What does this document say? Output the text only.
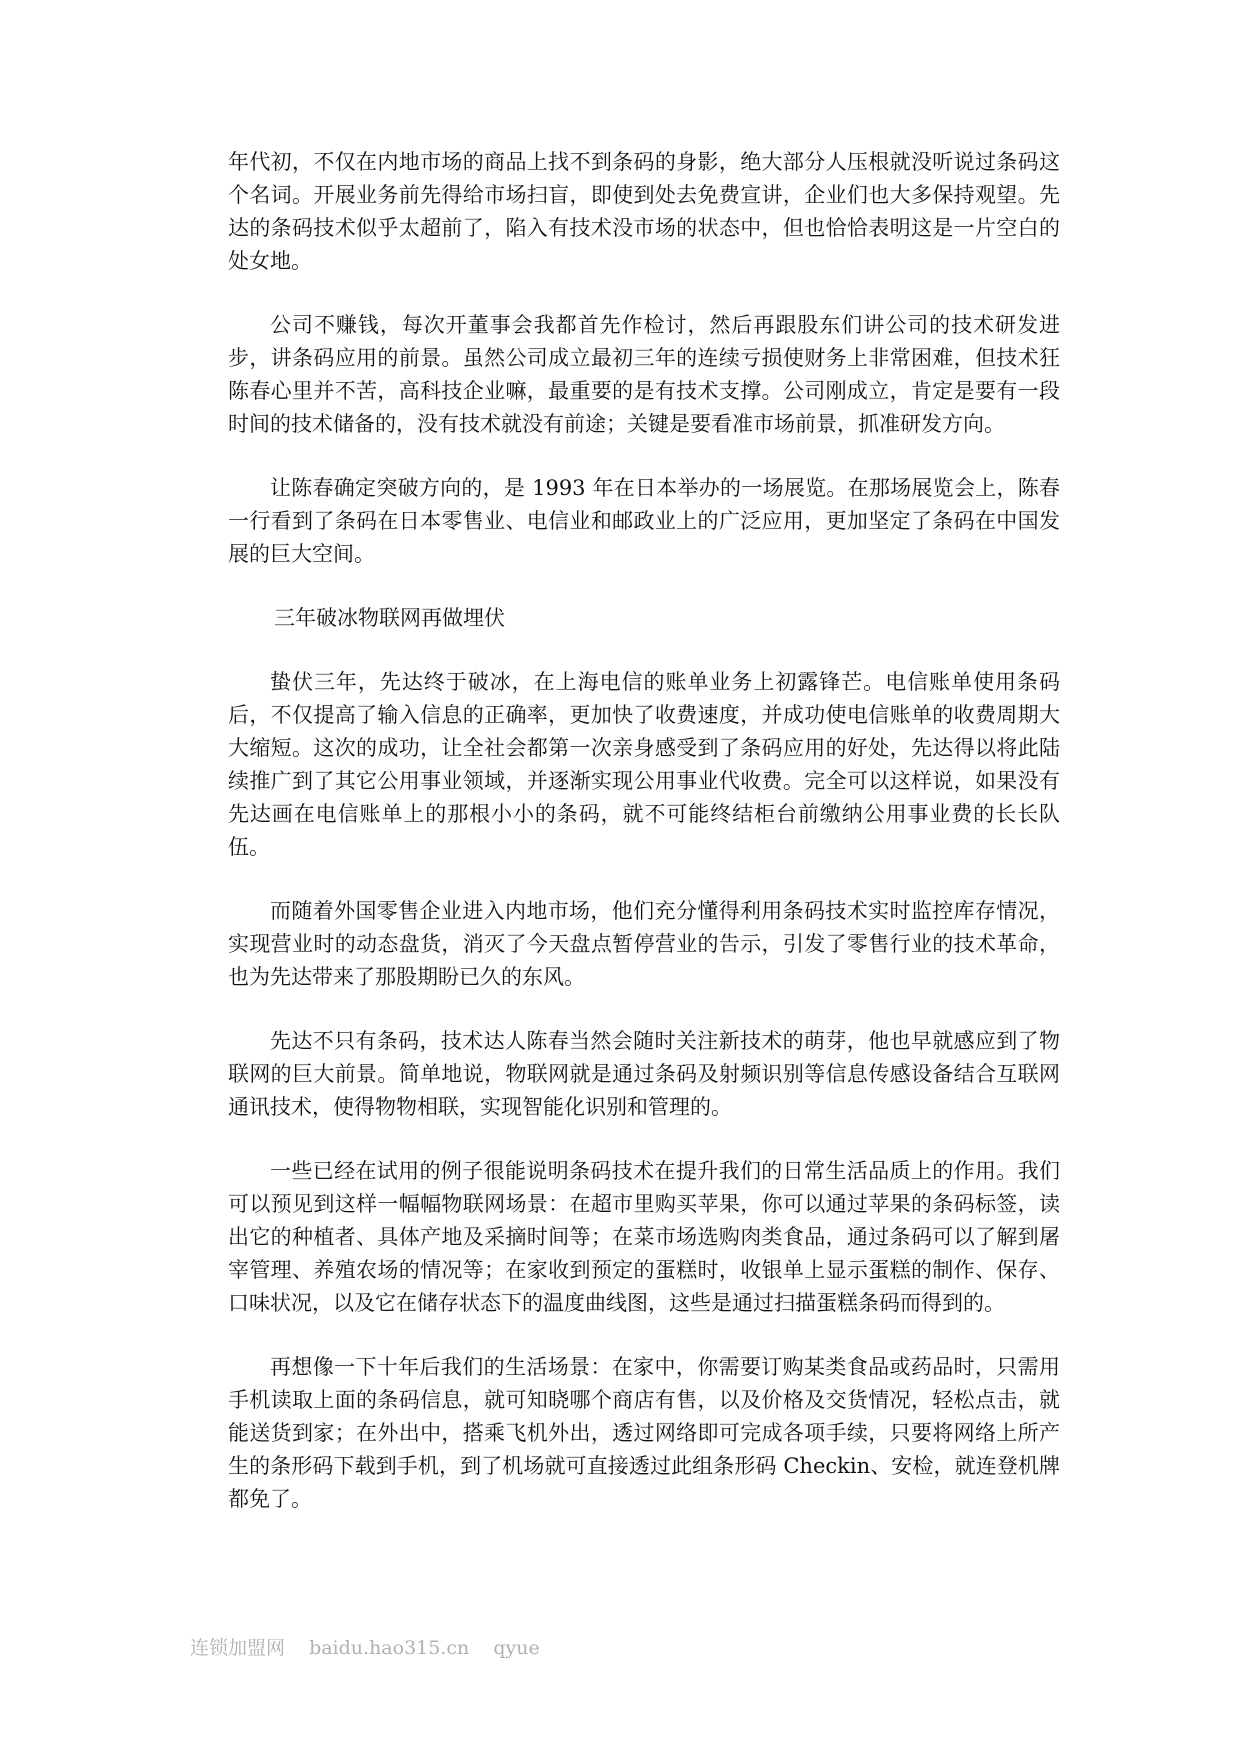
年代初，不仅在内地市场的商品上找不到条码的身影，绝大部分人压根就没听说过条码这个名词。开展业务前先得给市场扫盲，即使到处去免费宣讲，企业们也大多保持观望。先达的条码技术似乎太超前了，陷入有技术没市场的状态中，但也恰恰表明这是一片空白的处女地。

公司不赚钱，每次开董事会我都首先作检讨，然后再跟股东们讲公司的技术研发进步，讲条码应用的前景。虽然公司成立最初三年的连续亏损使财务上非常困难，但技术狂陈春心里并不苦，高科技企业嘛，最重要的是有技术支撑。公司刚成立，肯定是要有一段时间的技术储备的，没有技术就没有前途；关键是要看准市场前景，抓准研发方向。

让陈春确定突破方向的，是 1993 年在日本举办的一场展览。在那场展览会上，陈春一行看到了条码在日本零售业、电信业和邮政业上的广泛应用，更加坚定了条码在中国发展的巨大空间。

三年破冰物联网再做埋伏

蛰伏三年，先达终于破冰，在上海电信的账单业务上初露锋芒。电信账单使用条码后，不仅提高了输入信息的正确率，更加快了收费速度，并成功使电信账单的收费周期大大缩短。这次的成功，让全社会都第一次亲身感受到了条码应用的好处，先达得以将此陆续推广到了其它公用事业领域，并逐渐实现公用事业代收费。完全可以这样说，如果没有先达画在电信账单上的那根小小的条码，就不可能终结柜台前缴纳公用事业费的长长队伍。

而随着外国零售企业进入内地市场，他们充分懂得利用条码技术实时监控库存情况，实现营业时的动态盘货，消灭了今天盘点暂停营业的告示，引发了零售行业的技术革命，也为先达带来了那股期盼已久的东风。

先达不只有条码，技术达人陈春当然会随时关注新技术的萌芽，他也早就感应到了物联网的巨大前景。简单地说，物联网就是通过条码及射频识别等信息传感设备结合互联网通讯技术，使得物物相联，实现智能化识别和管理的。

一些已经在试用的例子很能说明条码技术在提升我们的日常生活品质上的作用。我们可以预见到这样一幅幅物联网场景：在超市里购买苹果，你可以通过苹果的条码标签，读出它的种植者、具体产地及采摘时间等；在菜市场选购肉类食品，通过条码可以了解到屠宰管理、养殖农场的情况等；在家收到预定的蛋糕时，收银单上显示蛋糕的制作、保存、口味状况，以及它在储存状态下的温度曲线图，这些是通过扫描蛋糕条码而得到的。

再想像一下十年后我们的生活场景：在家中，你需要订购某类食品或药品时，只需用手机读取上面的条码信息，就可知晓哪个商店有售，以及价格及交货情况，轻松点击，就能送货到家；在外出中，搭乘飞机外出，透过网络即可完成各项手续，只要将网络上所产生的条形码下载到手机，到了机场就可直接透过此组条形码 Checkin、安检，就连登机牌都免了。

连锁加盟网 baidu.hao315.cn qyue
